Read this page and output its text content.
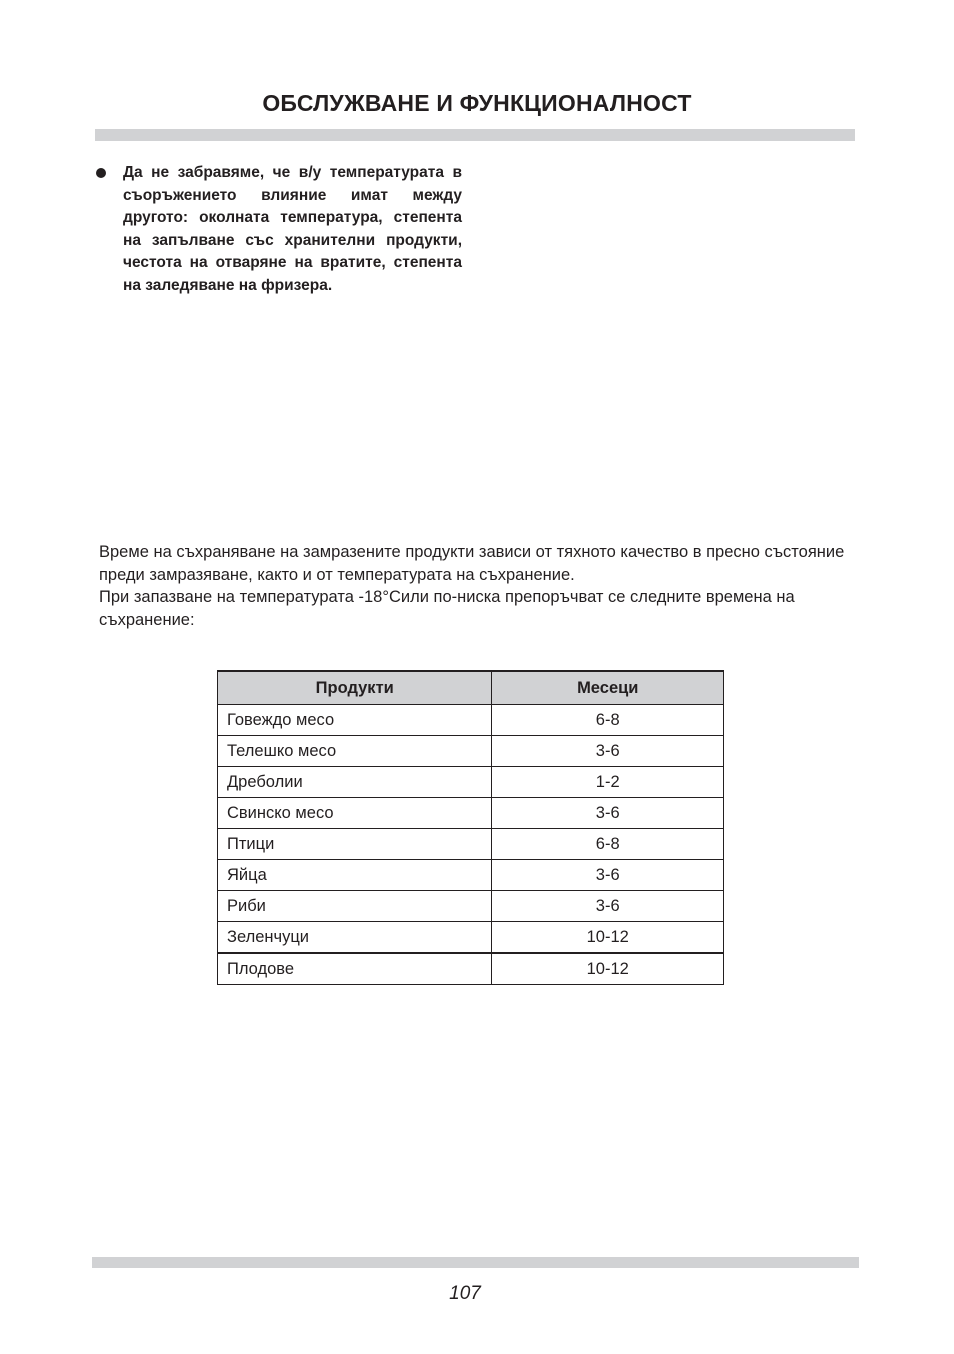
ОБСЛУЖВАНЕ И ФУНКЦИОНАЛНОСТ
Да не забравяме, че в/у температурата в съоръжението влияние имат между другото: околната температура, степента на запълване със хранителни продукти, честота на отваряне на вратите, степента на заледяване на фризера.

Време на съхраняване на замразените продукти зависи от тяхното качество в пресно състояние преди замразяване, както и от температурата на съхранение.

При запазване на температурата -18°Сили по-ниска препоръчват се следните времена на съхранение:

Продукти	Месеци
Говеждо месо	6-8
Телешко месо	3-6
Дреболии	1-2
Свинско месо	3-6
Птици	6-8
Яйца	3-6
Риби	3-6
Зеленчуци	10-12
Плодове	10-12
107
